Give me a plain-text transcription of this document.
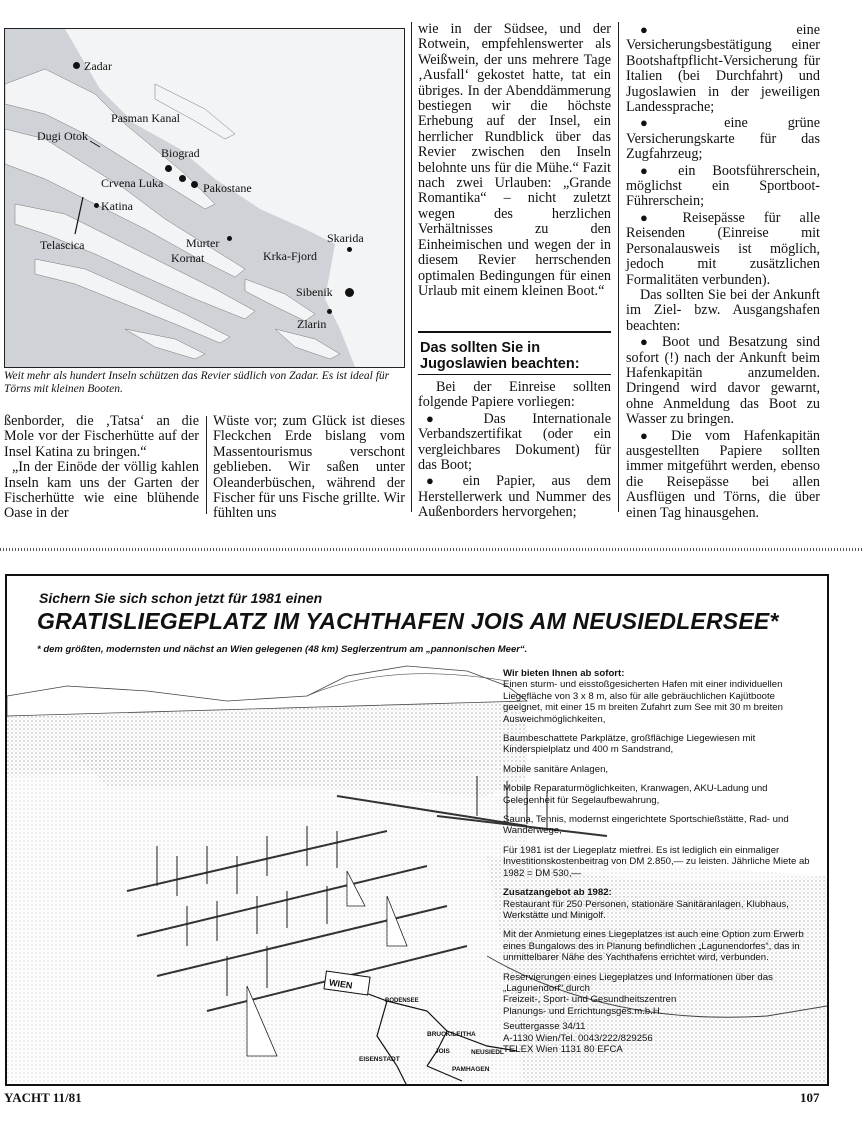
Zadar
Pasman Kanal
Dugi Otok
Biograd
Crvena Luka	Pakostane
Katina
Telascica	Murter
Kornat	Krka-Fjord
Skarida
Sibenik
Zlarin
Weit mehr als hundert Inseln schützen das Revier südlich von Zadar. Es ist ideal für Törns mit kleinen Booten.

ßenborder, die ‚Tatsa‘ an die Mole vor der Fischerhütte auf der Insel Katina zu bringen.“

„In der Einöde der völlig kahlen Inseln kam uns der Garten der Fischerhütte wie eine blühende Oase in der

Wüste vor; zum Glück ist dieses Fleckchen Erde bislang vom Massentourismus verschont geblieben. Wir saßen unter Oleanderbüschen, während der Fischer für uns Fische grillte. Wir fühlten uns

wie in der Südsee, und der Rotwein, empfehlenswerter als Weißwein, der uns mehrere Tage ‚Ausfall‘ gekostet hatte, tat ein übriges. In der Abenddämmerung bestiegen wir die höchste Erhebung auf der Insel, ein herrlicher Rundblick über das Revier zwischen den Inseln belohnte uns für die Mühe.“ Fazit nach zwei Urlauben: „Grande Romantika“ – nicht zuletzt wegen des herzlichen Verhältnisses zu den Einheimischen und wegen der in diesem Revier herrschenden optimalen Bedingungen für einen Urlaub mit einem kleinen Boot.“

Das sollten Sie in Jugoslawien beachten:

Bei der Einreise sollten folgende Papiere vorliegen:

● Das Internationale Verbandszertifikat (oder ein vergleichbares Dokument) für das Boot;

● ein Papier, aus dem Herstellerwerk und Nummer des Außenborders hervorgehen;

●	eine Versicherungsbestätigung einer Bootshaftpflicht-Versicherung für Italien (bei Durchfahrt) und Jugoslawien in der jeweiligen Landessprache;

●	eine grüne Versicherungskarte für das Zugfahrzeug;

● ein Bootsführerschein, möglichst ein Sportboot-Führerschein;

● Reisepässe für alle Reisenden (Einreise mit Personalausweis ist möglich, jedoch mit zusätzlichen Formalitäten verbunden).

Das sollten Sie bei der Ankunft im Ziel- bzw. Ausgangshafen beachten:

● Boot und Besatzung sind sofort (!) nach der Ankunft beim Hafenkapitän anzumelden. Dringend wird davor gewarnt, ohne Anmeldung das Boot zu Wasser zu bringen.

● Die vom Hafenkapitän ausgestellten Papiere sollten immer mitgeführt werden, ebenso die Reisepässe bei allen Ausflügen und Törns, die über einen Tag hinausgehen.

Sichern Sie sich schon jetzt für 1981 einen
GRATISLIEGEPLATZ IM YACHTHAFEN JOIS AM NEUSIEDLERSEE*
* dem größten, modernsten und nächst an Wien gelegenen (48 km) Seglerzentrum am „pannonischen Meer“.
WIEN
BODENSEE
BRUCK/LEITHA
JOIS	NEUSIEDL
EISENSTADT
PAMHAGEN

Wir bieten Ihnen ab sofort:

Einen sturm- und eisstoßgesicherten Hafen mit einer individuellen Liegefläche von 3 x 8 m, also für alle gebräuchlichen Kajütboote geeignet, mit einer 15 m breiten Zufahrt zum See mit 30 m breiten Ausweichmöglichkeiten,

Baumbeschattete Parkplätze, großflächige Liegewiesen mit Kinderspielplatz und 400 m Sandstrand,

Mobile sanitäre Anlagen,

Mobile Reparaturmöglichkeiten, Kranwagen, AKU-Ladung und Gelegenheit für Segelaufbewahrung,

Sauna, Tennis, modernst eingerichtete Sportschießstätte, Rad- und Wanderwege,

Für 1981 ist der Liegeplatz mietfrei. Es ist lediglich ein einmaliger Investitionskostenbeitrag von DM 2.850,— zu leisten. Jährliche Miete ab 1982 = DM 530,—

Zusatzangebot ab 1982:

Restaurant für 250 Personen, stationäre Sanitäranlagen, Klubhaus, Werkstätte und Minigolf.

Mit der Anmietung eines Liegeplatzes ist auch eine Option zum Erwerb eines Bungalows des in Planung befindlichen „Lagunendorfes“, das in unmittelbarer Nähe des Yachthafens errichtet wird, verbunden.

Reservierungen eines Liegeplatzes und Informationen über das „Lagunendorf“ durch

Freizeit-, Sport- und Gesundheitszentren

Planungs- und Errichtungsges.m.b.H.

Seuttergasse 34/11

A-1130 Wien/Tel. 0043/222/829256

TELEX Wien 1131 80 EFCA

YACHT 11/81	107
